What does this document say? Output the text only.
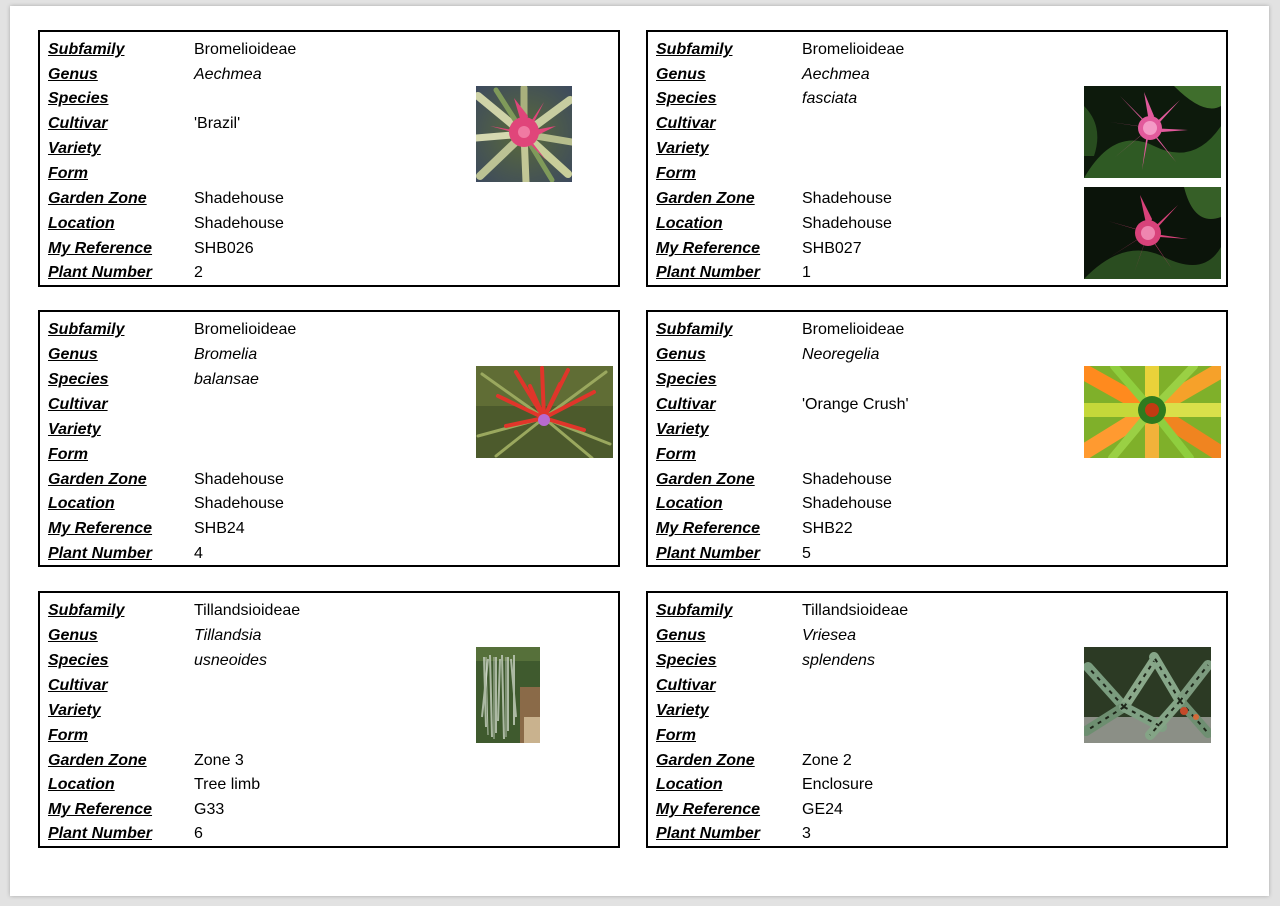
Subfamily	Bromelioideae
Genus	Aechmea
Species
Cultivar	'Brazil'
Variety
Form
Garden Zone	Shadehouse
Location	Shadehouse
My Reference	SHB026
Plant Number	2
Subfamily	Bromelioideae
Genus	Aechmea
Species	fasciata
Cultivar
Variety
Form
Garden Zone	Shadehouse
Location	Shadehouse
My Reference	SHB027
Plant Number	1
Subfamily	Bromelioideae
Genus	Bromelia
Species	balansae
Cultivar
Variety
Form
Garden Zone	Shadehouse
Location	Shadehouse
My Reference	SHB24
Plant Number	4
Subfamily	Bromelioideae
Genus	Neoregelia
Species
Cultivar	'Orange Crush'
Variety
Form
Garden Zone	Shadehouse
Location	Shadehouse
My Reference	SHB22
Plant Number	5
Subfamily	Tillandsioideae
Genus	Tillandsia
Species	usneoides
Cultivar
Variety
Form
Garden Zone	Zone 3
Location	Tree limb
My Reference	G33
Plant Number	6
Subfamily	Tillandsioideae
Genus	Vriesea
Species	splendens
Cultivar
Variety
Form
Garden Zone	Zone 2
Location	Enclosure
My Reference	GE24
Plant Number	3
